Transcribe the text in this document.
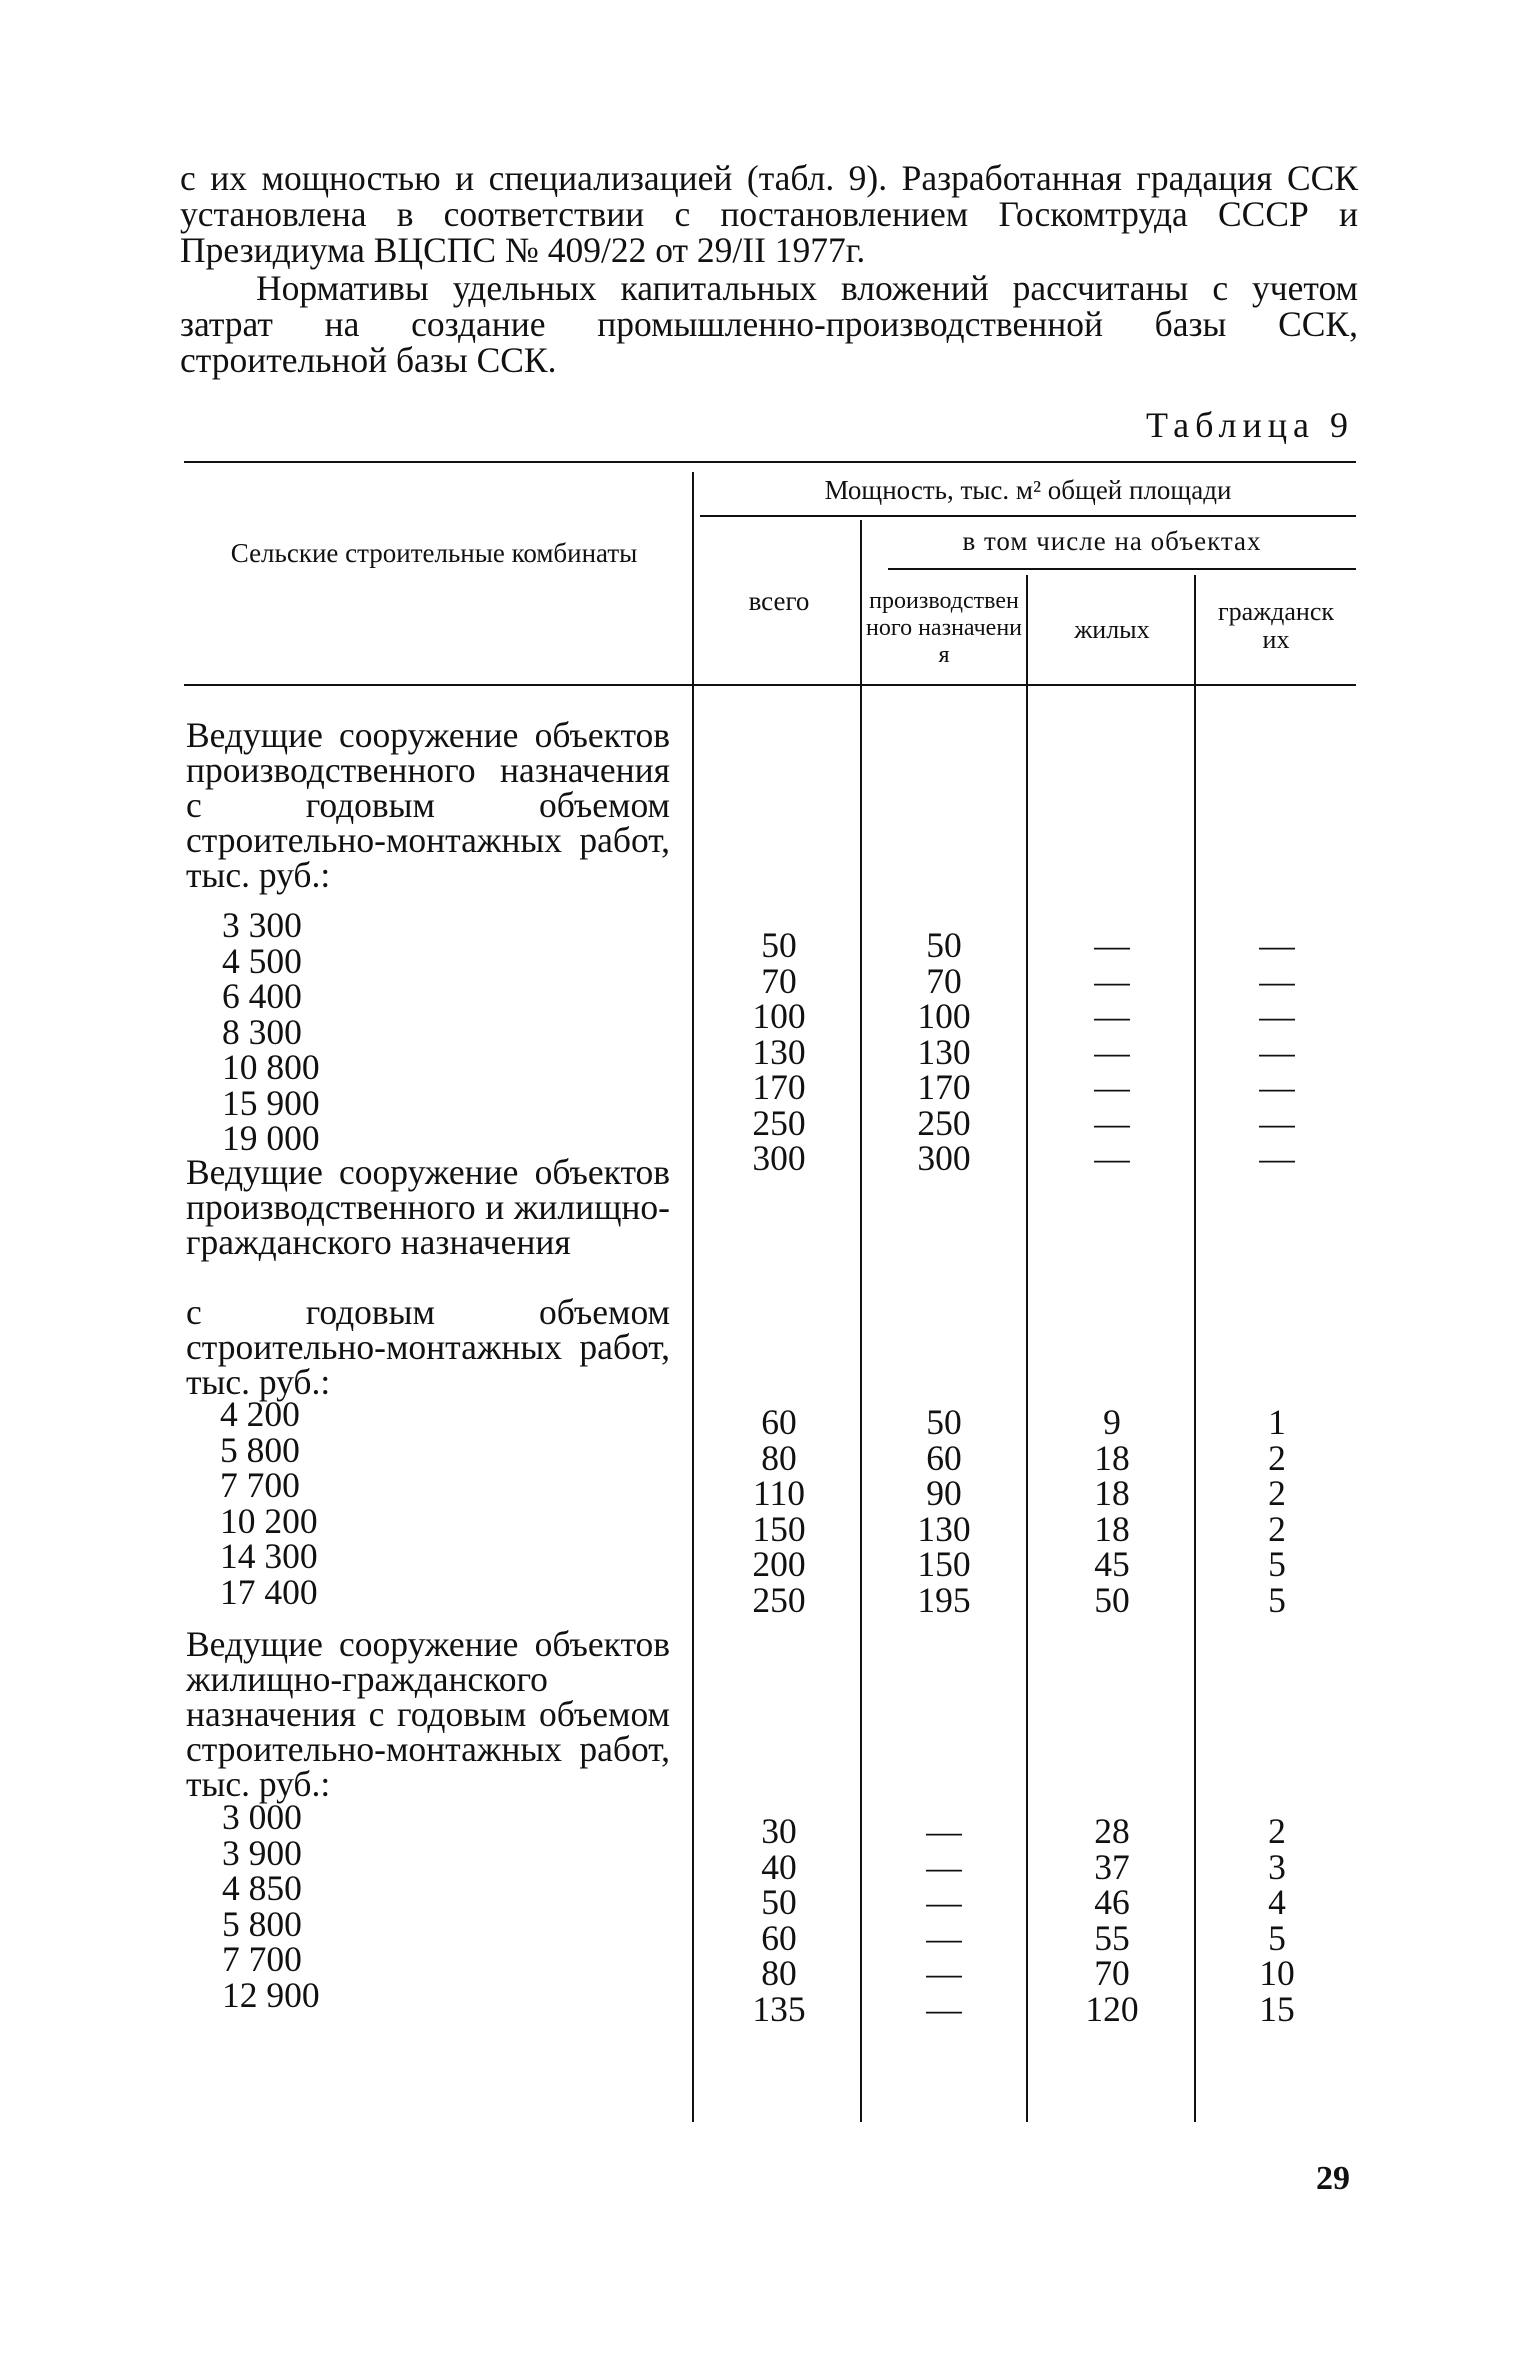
с их мощностью и специализацией (табл. 9). Разработанная градация ССК установлена в соответствии с постановлением Госкомтруда СССР и Президиума ВЦСПС № 409/22 от 29/II 1977г.

Нормативы удельных капитальных вложений рассчитаны с учетом затрат на создание промышленно-производственной базы ССК, строительной базы ССК.

Таблица 9
Сельские строительные комбинаты
Мощность, тыс. м² общей площади
в том числе на объектах
всего	производственного назначения
жилых
гражданских
Ведущие сооружение объектов производственного назначения с годовым объемом строительно-монтажных работ, тыс. руб.:
3 300
4 500
6 400
8 300
10 800
15 900
19 000
50
70
100
130
170
250
300
50
70
100
130
170
250
300
—
—
—
—
—
—
—
—
—
—
—
—
—
—
Ведущие сооружение объектов производственного и жилищно-гражданского назначения
с годовым объемом строительно-монтажных работ, тыс. руб.:
4 200
5 800
7 700
10 200
14 300
17 400
60
80
110
150
200
250
50
60
90
130
150
195
9
18
18
18
45
50
1
2
2
2
5
5
Ведущие сооружение объектов жилищно-гражданского назначения с годовым объемом строительно-монтажных работ, тыс. руб.:
3 000
3 900
4 850
5 800
7 700
12 900
30
40
50
60
80
135
—
—
—
—
—
—
28
37
46
55
70
120
2
3
4
5
10
15
29
